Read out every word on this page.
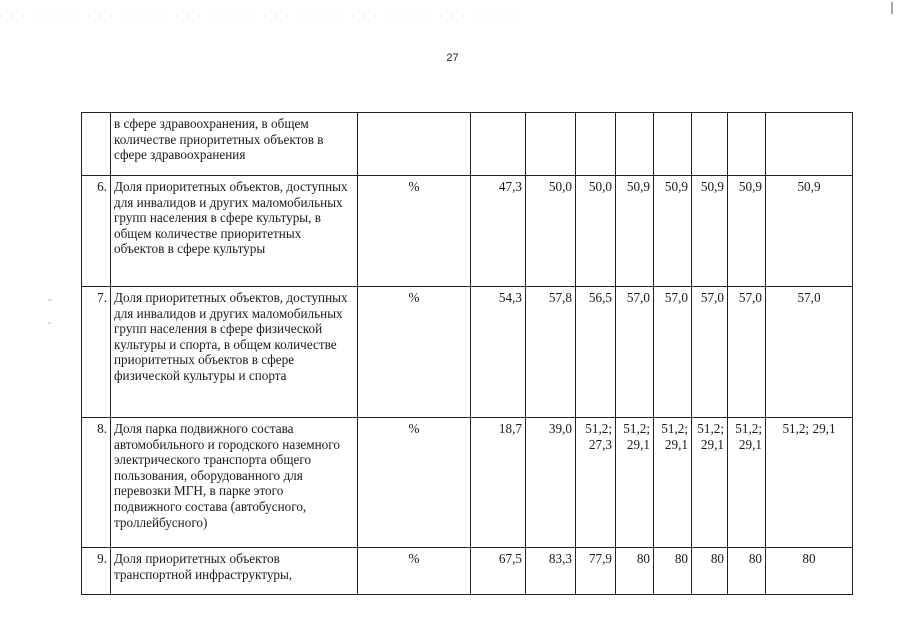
27
	в сфере здравоохранения, в общем количестве приоритетных объектов в сфере здравоохранения									
6.	Доля приоритетных объектов, доступных для инвалидов и других маломобильных групп населения в сфере культуры, в общем количестве приоритетных объектов в сфере культуры	%	47,3	50,0	50,0	50,9	50,9	50,9	50,9	50,9
7.	Доля приоритетных объектов, доступных для инвалидов и других маломобильных групп населения в сфере физической культуры и спорта, в общем количестве приоритетных объектов в сфере физической культуры и спорта	%	54,3	57,8	56,5	57,0	57,0	57,0	57,0	57,0
8.	Доля парка подвижного состава автомобильного и городского наземного электрического транспорта общего пользования, оборудованного для перевозки МГН, в парке этого подвижного состава (автобусного, троллейбусного)	%	18,7	39,0	51,2; 27,3	51,2; 29,1	51,2; 29,1	51,2; 29,1	51,2; 29,1	51,2; 29,1
9.	Доля приоритетных объектов транспортной инфраструктуры,	%	67,5	83,3	77,9	80	80	80	80	80
